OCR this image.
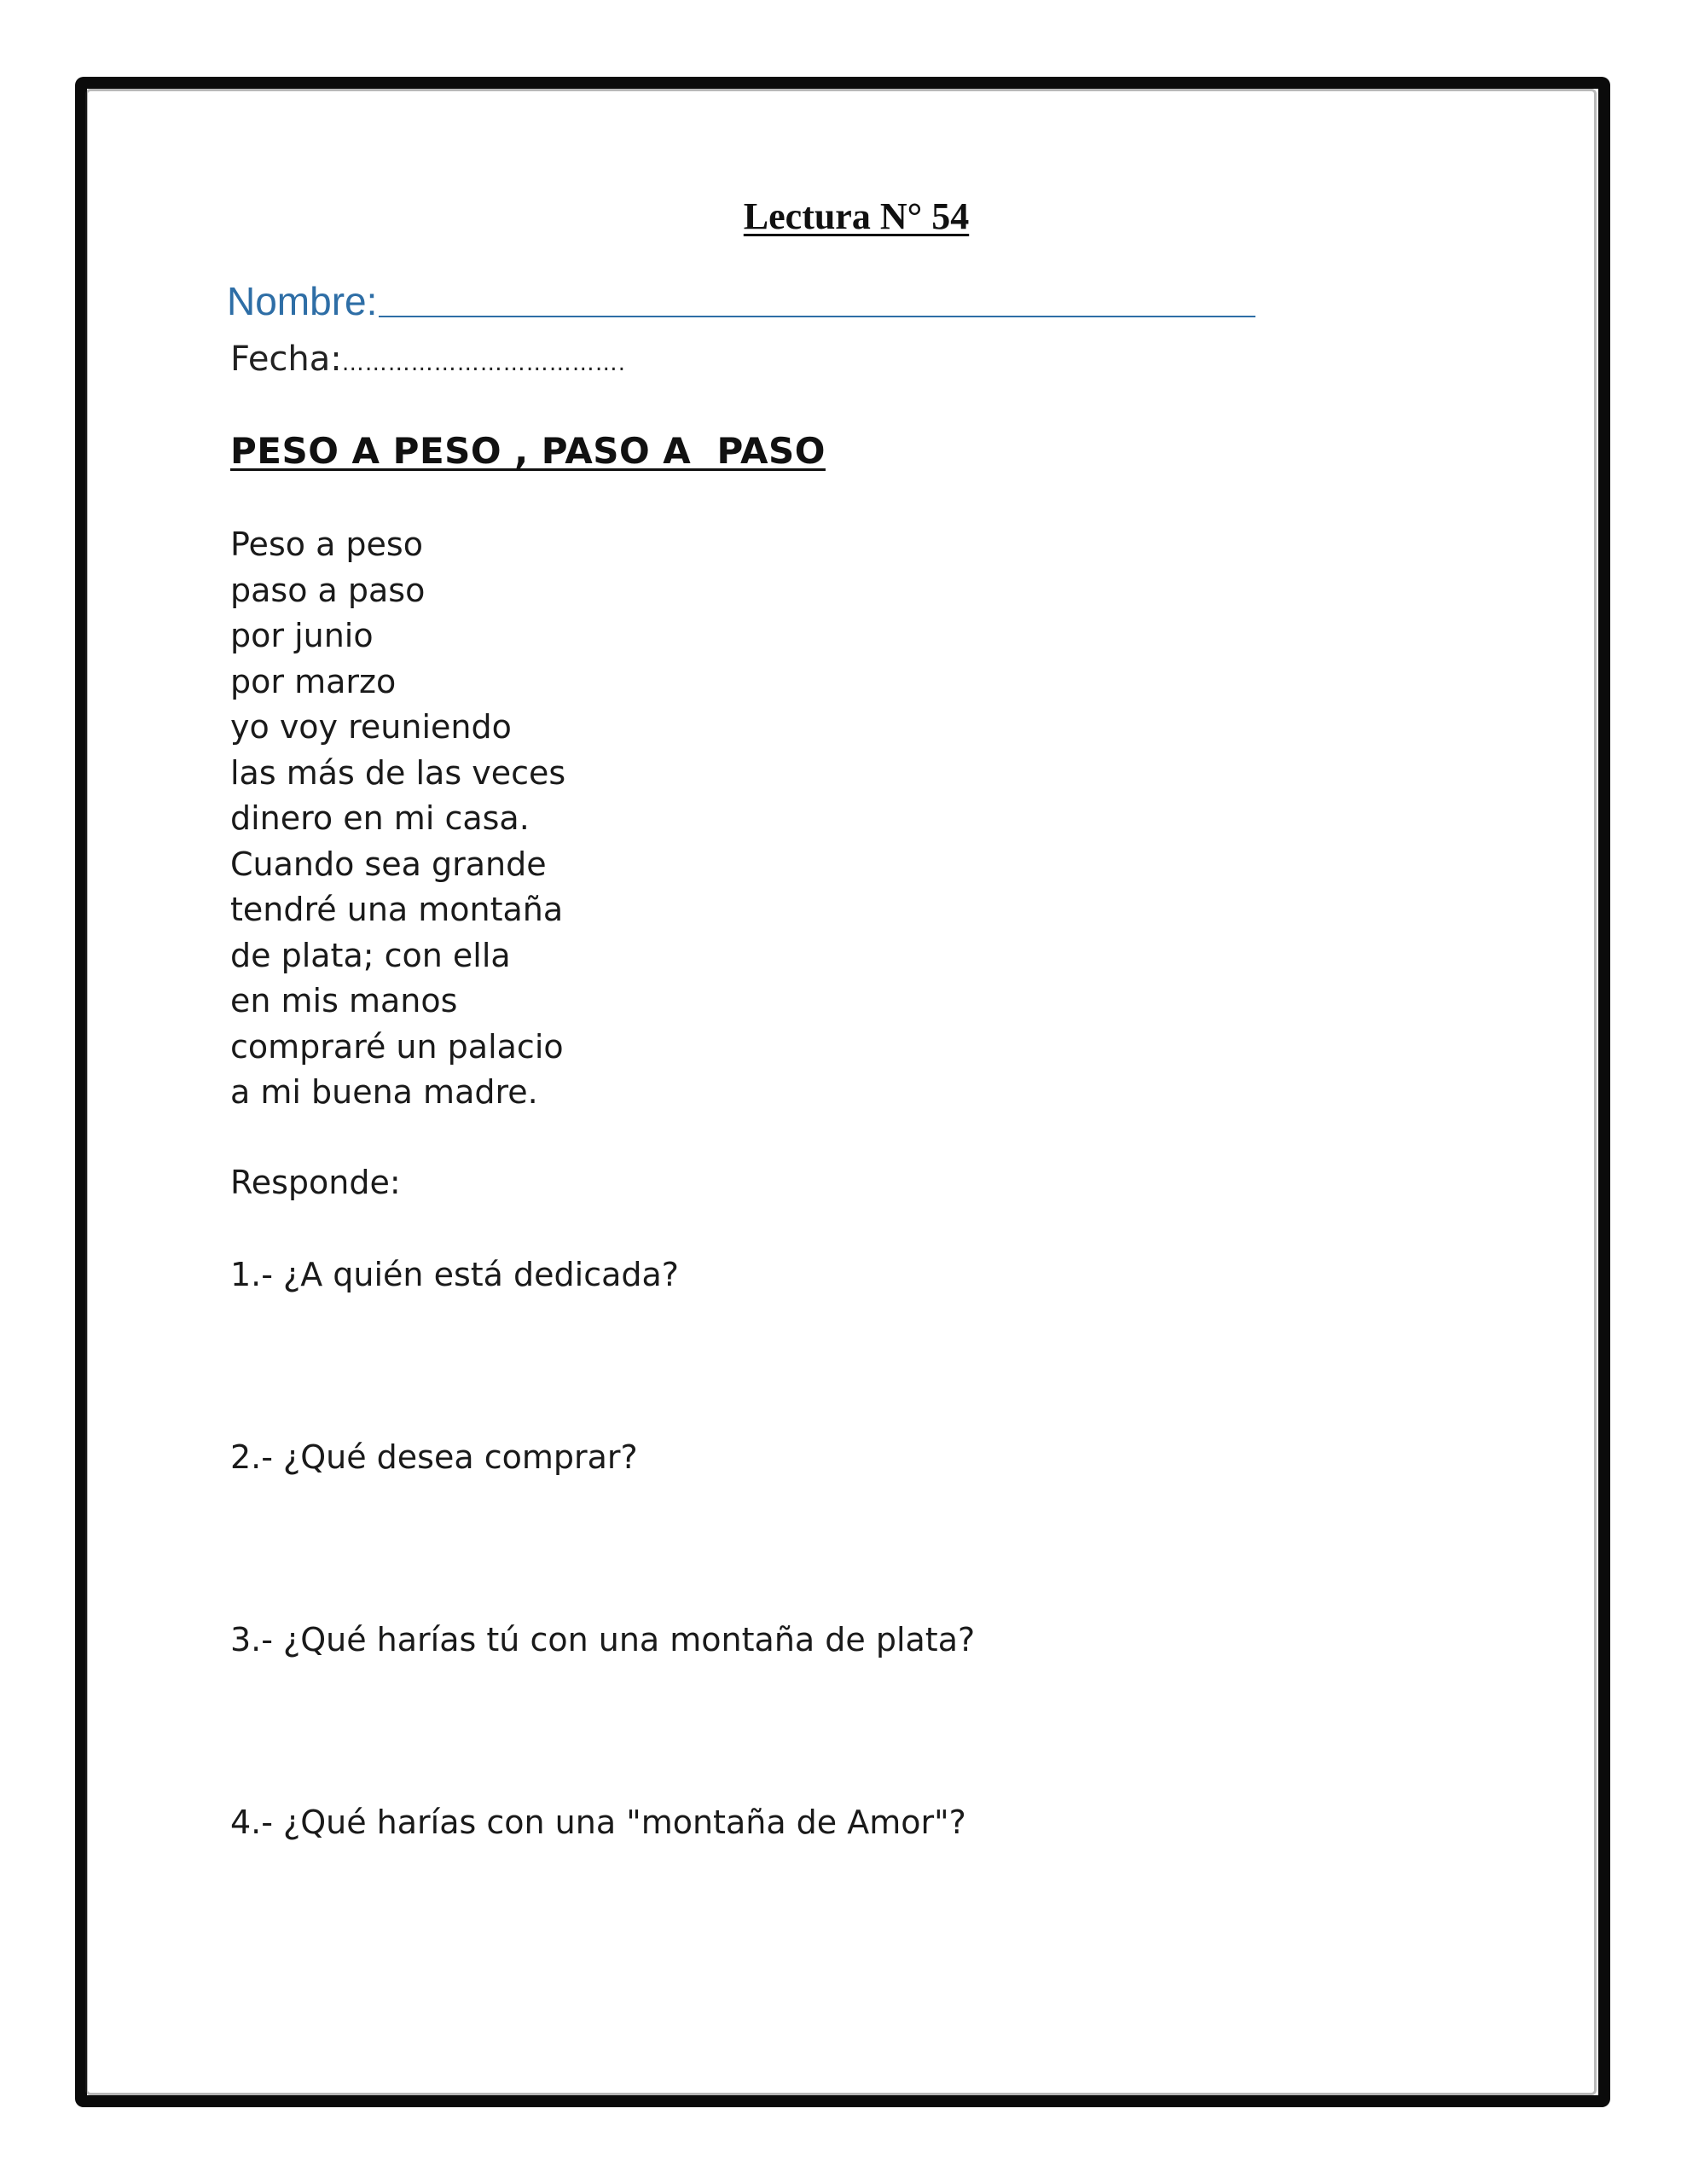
Lectura N° 54
Nombre:
Fecha:……………………………….
PESO A PESO , PASO A  PASO
Peso a peso
paso a paso
por junio
por marzo
yo voy reuniendo
las más de las veces
dinero en mi casa.
Cuando sea grande
tendré una montaña
de plata; con ella
en mis manos
compraré un palacio
a mi buena madre.
Responde:
1.- ¿A quién está dedicada?
2.- ¿Qué desea comprar?
3.- ¿Qué harías tú con una montaña de plata?
4.- ¿Qué harías con una "montaña de Amor"?
